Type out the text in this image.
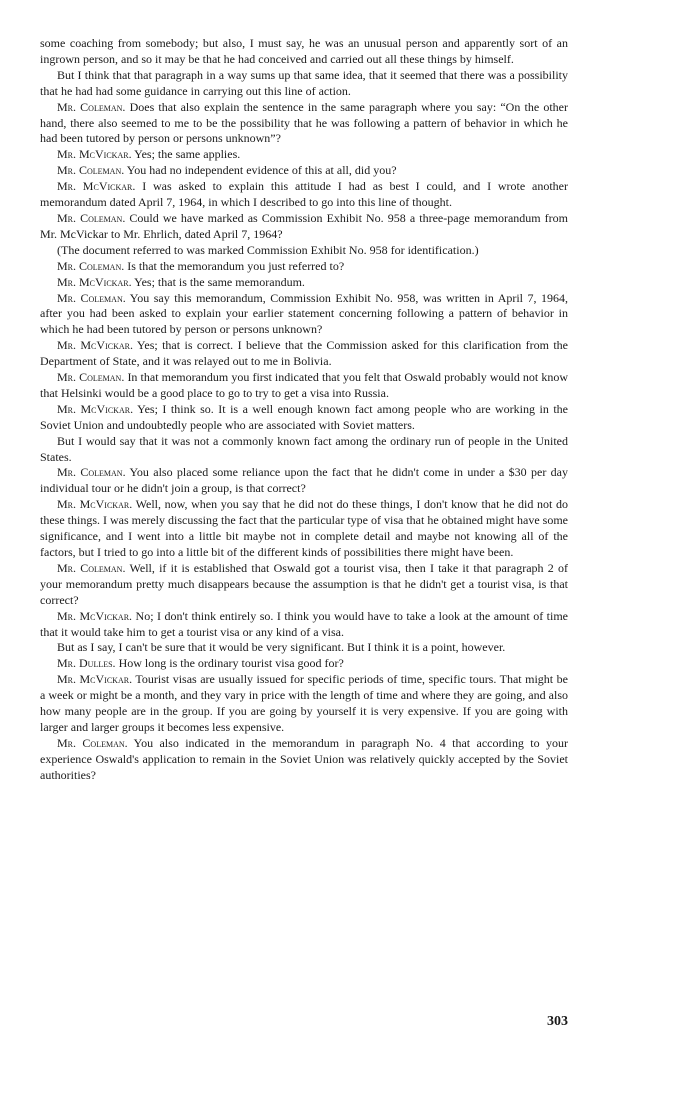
some coaching from somebody; but also, I must say, he was an unusual person and apparently sort of an ingrown person, and so it may be that he had conceived and carried out all these things by himself.

But I think that that paragraph in a way sums up that same idea, that it seemed that there was a possibility that he had had some guidance in carrying out this line of action.

Mr. Coleman. Does that also explain the sentence in the same paragraph where you say: “On the other hand, there also seemed to me to be the possibility that he was following a pattern of behavior in which he had been tutored by person or persons unknown”?

Mr. McVickar. Yes; the same applies.

Mr. Coleman. You had no independent evidence of this at all, did you?

Mr. McVickar. I was asked to explain this attitude I had as best I could, and I wrote another memorandum dated April 7, 1964, in which I described to go into this line of thought.

Mr. Coleman. Could we have marked as Commission Exhibit No. 958 a three-page memorandum from Mr. McVickar to Mr. Ehrlich, dated April 7, 1964?

(The document referred to was marked Commission Exhibit No. 958 for identification.)

Mr. Coleman. Is that the memorandum you just referred to?

Mr. McVickar. Yes; that is the same memorandum.

Mr. Coleman. You say this memorandum, Commission Exhibit No. 958, was written in April 7, 1964, after you had been asked to explain your earlier statement concerning following a pattern of behavior in which he had been tutored by person or persons unknown?

Mr. McVickar. Yes; that is correct. I believe that the Commission asked for this clarification from the Department of State, and it was relayed out to me in Bolivia.

Mr. Coleman. In that memorandum you first indicated that you felt that Oswald probably would not know that Helsinki would be a good place to go to try to get a visa into Russia.

Mr. McVickar. Yes; I think so. It is a well enough known fact among people who are working in the Soviet Union and undoubtedly people who are associated with Soviet matters.

But I would say that it was not a commonly known fact among the ordinary run of people in the United States.

Mr. Coleman. You also placed some reliance upon the fact that he didn't come in under a $30 per day individual tour or he didn't join a group, is that correct?

Mr. McVickar. Well, now, when you say that he did not do these things, I don't know that he did not do these things. I was merely discussing the fact that the particular type of visa that he obtained might have some significance, and I went into a little bit maybe not in complete detail and maybe not knowing all of the factors, but I tried to go into a little bit of the different kinds of possibilities there might have been.

Mr. Coleman. Well, if it is established that Oswald got a tourist visa, then I take it that paragraph 2 of your memorandum pretty much disappears because the assumption is that he didn't get a tourist visa, is that correct?

Mr. McVickar. No; I don't think entirely so. I think you would have to take a look at the amount of time that it would take him to get a tourist visa or any kind of a visa.

But as I say, I can't be sure that it would be very significant. But I think it is a point, however.

Mr. Dulles. How long is the ordinary tourist visa good for?

Mr. McVickar. Tourist visas are usually issued for specific periods of time, specific tours. That might be a week or might be a month, and they vary in price with the length of time and where they are going, and also how many people are in the group. If you are going by yourself it is very expensive. If you are going with larger and larger groups it becomes less expensive.

Mr. Coleman. You also indicated in the memorandum in paragraph No. 4 that according to your experience Oswald's application to remain in the Soviet Union was relatively quickly accepted by the Soviet authorities?

303
